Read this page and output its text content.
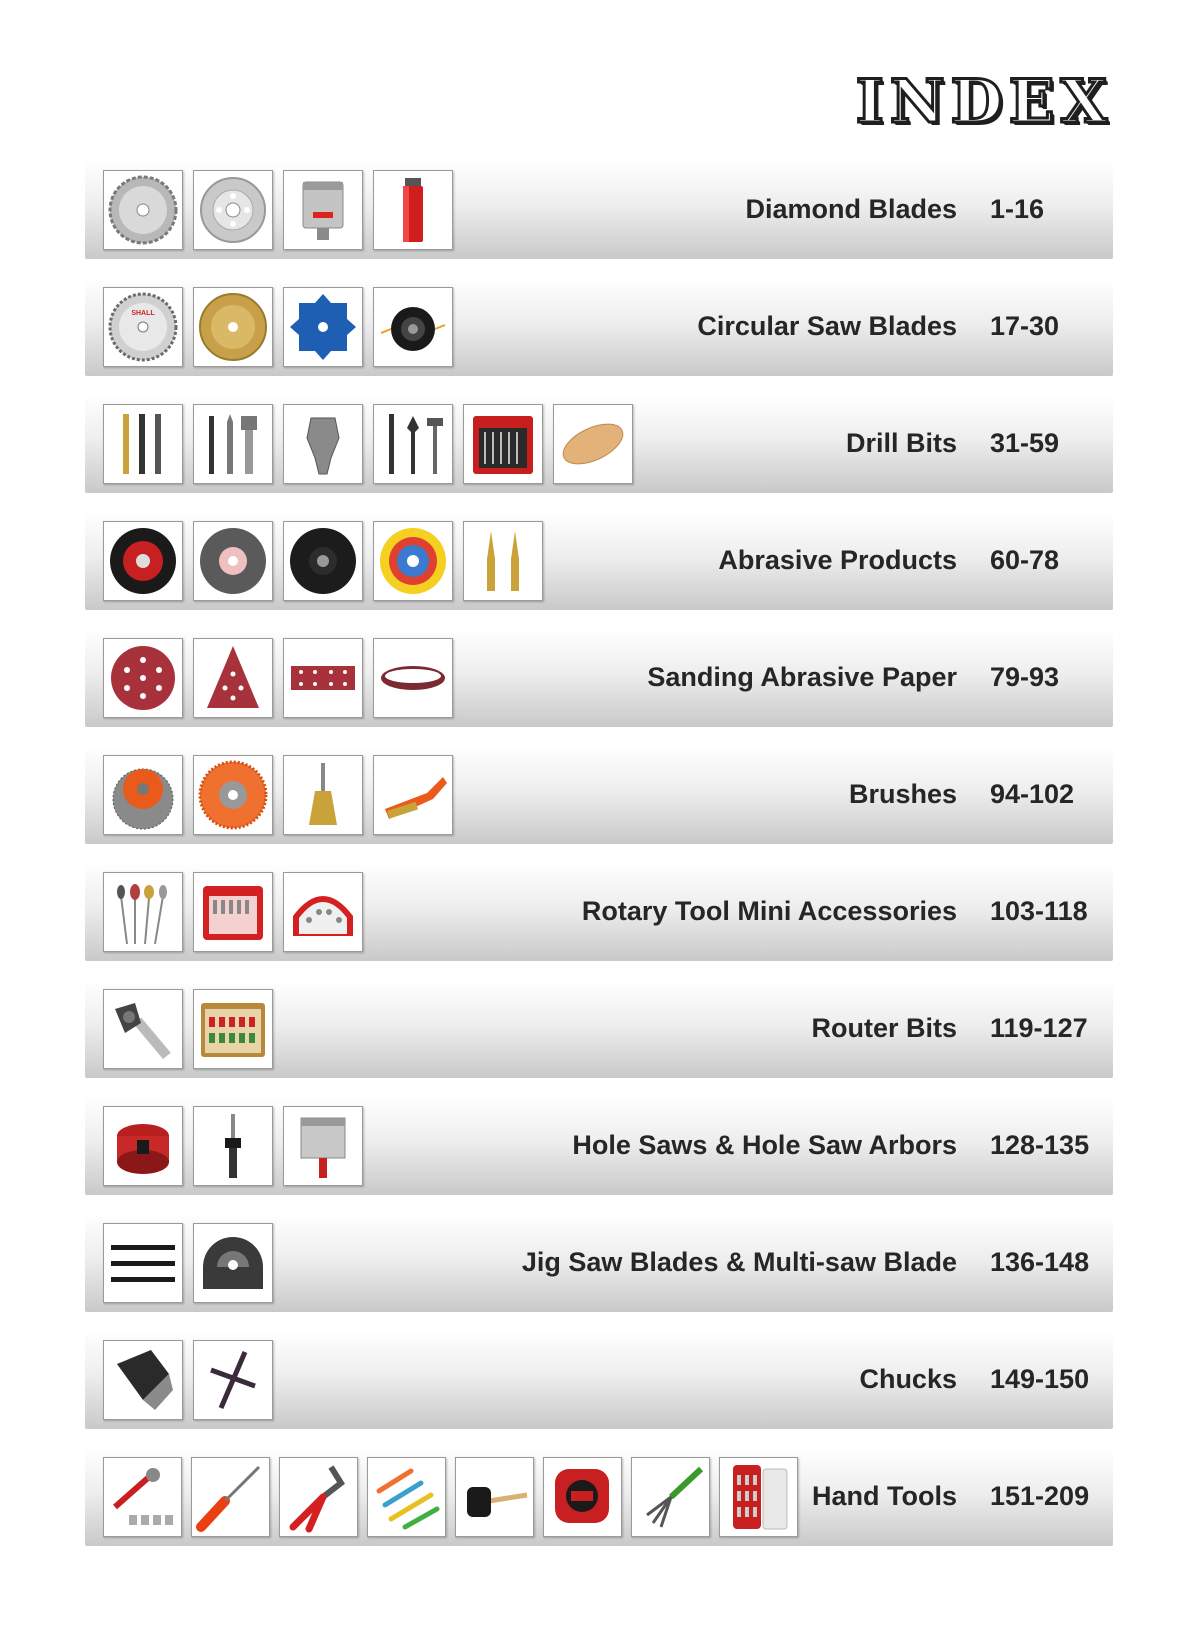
INDEX
Diamond Blades 1-16
SHALL	Circular Saw Blades 17-30
Drill Bits 31-59
Abrasive Products 60-78
Sanding Abrasive Paper 79-93
Brushes 94-102
Rotary Tool Mini Accessories 103-118
Router Bits 119-127
Hole Saws & Hole Saw Arbors 128-135
Jig Saw Blades & Multi-saw Blade 136-148
Chucks 149-150
Hand Tools 151-209
